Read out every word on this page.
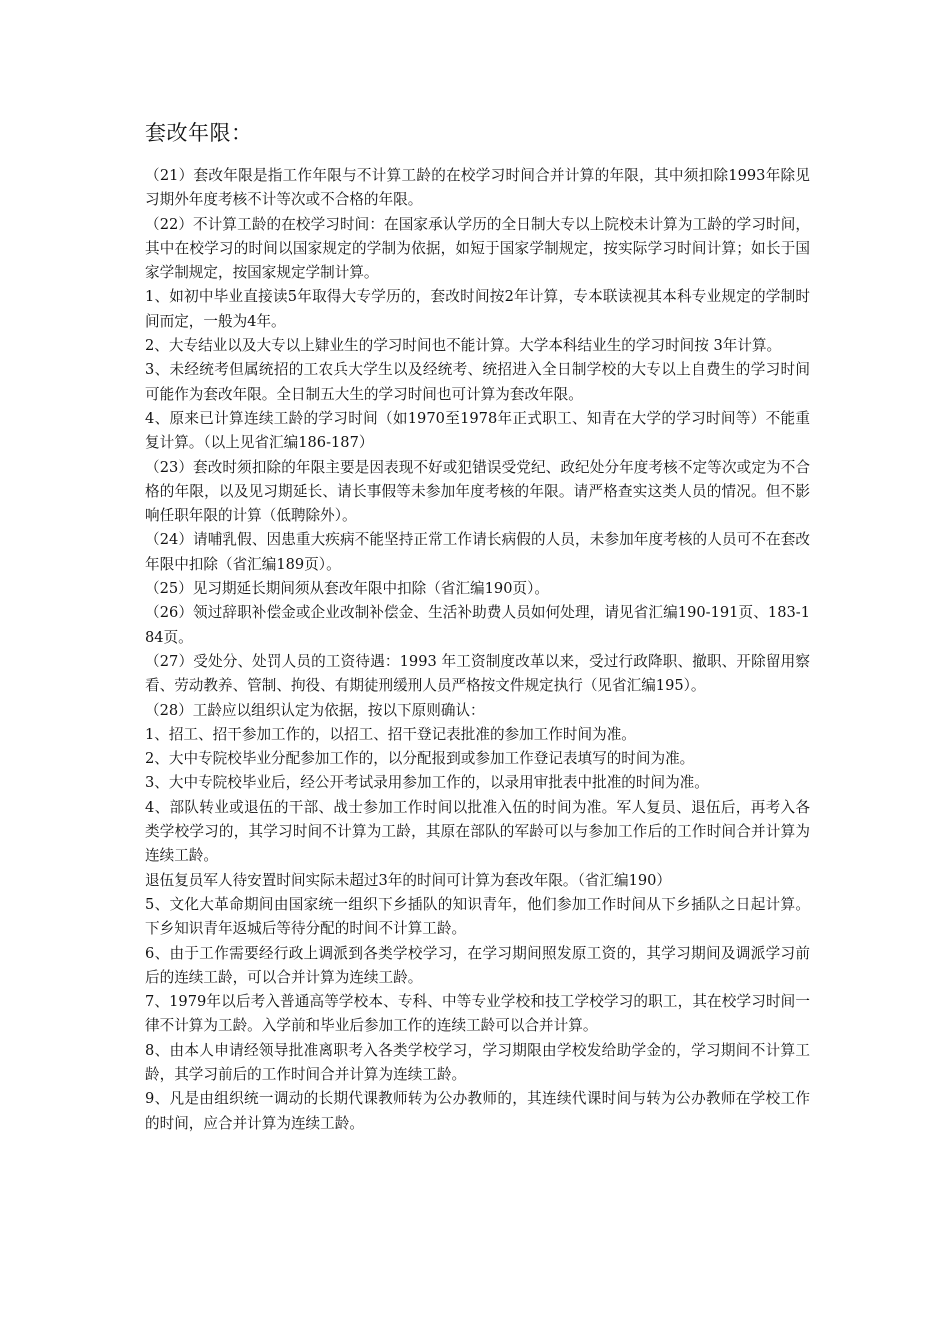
套改年限：

（21）套改年限是指工作年限与不计算工龄的在校学习时间合并计算的年限，其中须扣除1993年除见习期外年度考核不计等次或不合格的年限。

（22）不计算工龄的在校学习时间：在国家承认学历的全日制大专以上院校未计算为工龄的学习时间，其中在校学习的时间以国家规定的学制为依据，如短于国家学制规定，按实际学习时间计算；如长于国家学制规定，按国家规定学制计算。

1、如初中毕业直接读5年取得大专学历的，套改时间按2年计算，专本联读视其本科专业规定的学制时间而定，一般为4年。

2、大专结业以及大专以上肄业生的学习时间也不能计算。大学本科结业生的学习时间按 3年计算。

3、未经统考但属统招的工农兵大学生以及经统考、统招进入全日制学校的大专以上自费生的学习时间可能作为套改年限。全日制五大生的学习时间也可计算为套改年限。

4、原来已计算连续工龄的学习时间（如1970至1978年正式职工、知青在大学的学习时间等）不能重复计算。（以上见省汇编186-187）

（23）套改时须扣除的年限主要是因表现不好或犯错误受党纪、政纪处分年度考核不定等次或定为不合格的年限，以及见习期延长、请长事假等未参加年度考核的年限。请严格查实这类人员的情况。但不影响任职年限的计算（低聘除外）。

（24）请哺乳假、因患重大疾病不能坚持正常工作请长病假的人员，未参加年度考核的人员可不在套改年限中扣除（省汇编189页）。

（25）见习期延长期间须从套改年限中扣除（省汇编190页）。

（26）领过辞职补偿金或企业改制补偿金、生活补助费人员如何处理，请见省汇编190-191页、183-184页。

（27）受处分、处罚人员的工资待遇：1993 年工资制度改革以来，受过行政降职、撤职、开除留用察看、劳动教养、管制、拘役、有期徒刑缓刑人员严格按文件规定执行（见省汇编195）。

（28）工龄应以组织认定为依据，按以下原则确认：

1、招工、招干参加工作的，以招工、招干登记表批准的参加工作时间为准。

2、大中专院校毕业分配参加工作的，以分配报到或参加工作登记表填写的时间为准。

3、大中专院校毕业后，经公开考试录用参加工作的，以录用审批表中批准的时间为准。

4、部队转业或退伍的干部、战士参加工作时间以批准入伍的时间为准。军人复员、退伍后，再考入各类学校学习的，其学习时间不计算为工龄，其原在部队的军龄可以与参加工作后的工作时间合并计算为连续工龄。

退伍复员军人待安置时间实际未超过3年的时间可计算为套改年限。（省汇编190）

5、文化大革命期间由国家统一组织下乡插队的知识青年，他们参加工作时间从下乡插队之日起计算。下乡知识青年返城后等待分配的时间不计算工龄。

6、由于工作需要经行政上调派到各类学校学习，在学习期间照发原工资的，其学习期间及调派学习前后的连续工龄，可以合并计算为连续工龄。

7、1979年以后考入普通高等学校本、专科、中等专业学校和技工学校学习的职工，其在校学习时间一律不计算为工龄。入学前和毕业后参加工作的连续工龄可以合并计算。

8、由本人申请经领导批准离职考入各类学校学习，学习期限由学校发给助学金的，学习期间不计算工龄，其学习前后的工作时间合并计算为连续工龄。

9、凡是由组织统一调动的长期代课教师转为公办教师的，其连续代课时间与转为公办教师在学校工作的时间，应合并计算为连续工龄。
